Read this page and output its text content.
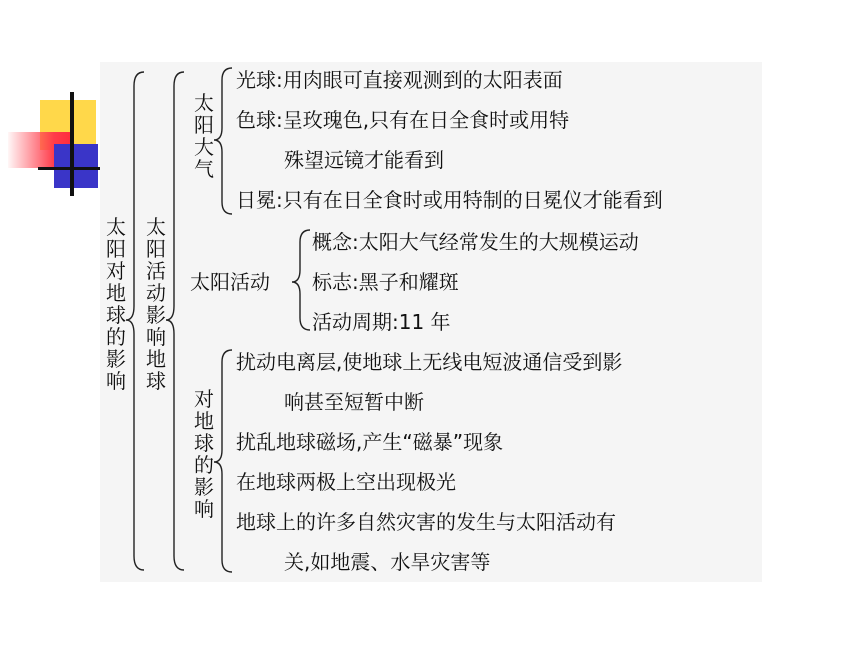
太阳对地球的影响
太阳活动影响地球
太阳大气
光球:用肉眼可直接观测到的太阳表面
色球:呈玫瑰色,只有在日全食时或用特
殊望远镜才能看到
日冕:只有在日全食时或用特制的日冕仪才能看到
太阳活动
概念:太阳大气经常发生的大规模运动
标志:黑子和耀斑
活动周期:11 年
对地球的影响
扰动电离层,使地球上无线电短波通信受到影
响甚至短暂中断
扰乱地球磁场,产生“磁暴”现象
在地球两极上空出现极光
地球上的许多自然灾害的发生与太阳活动有
关,如地震、水旱灾害等
